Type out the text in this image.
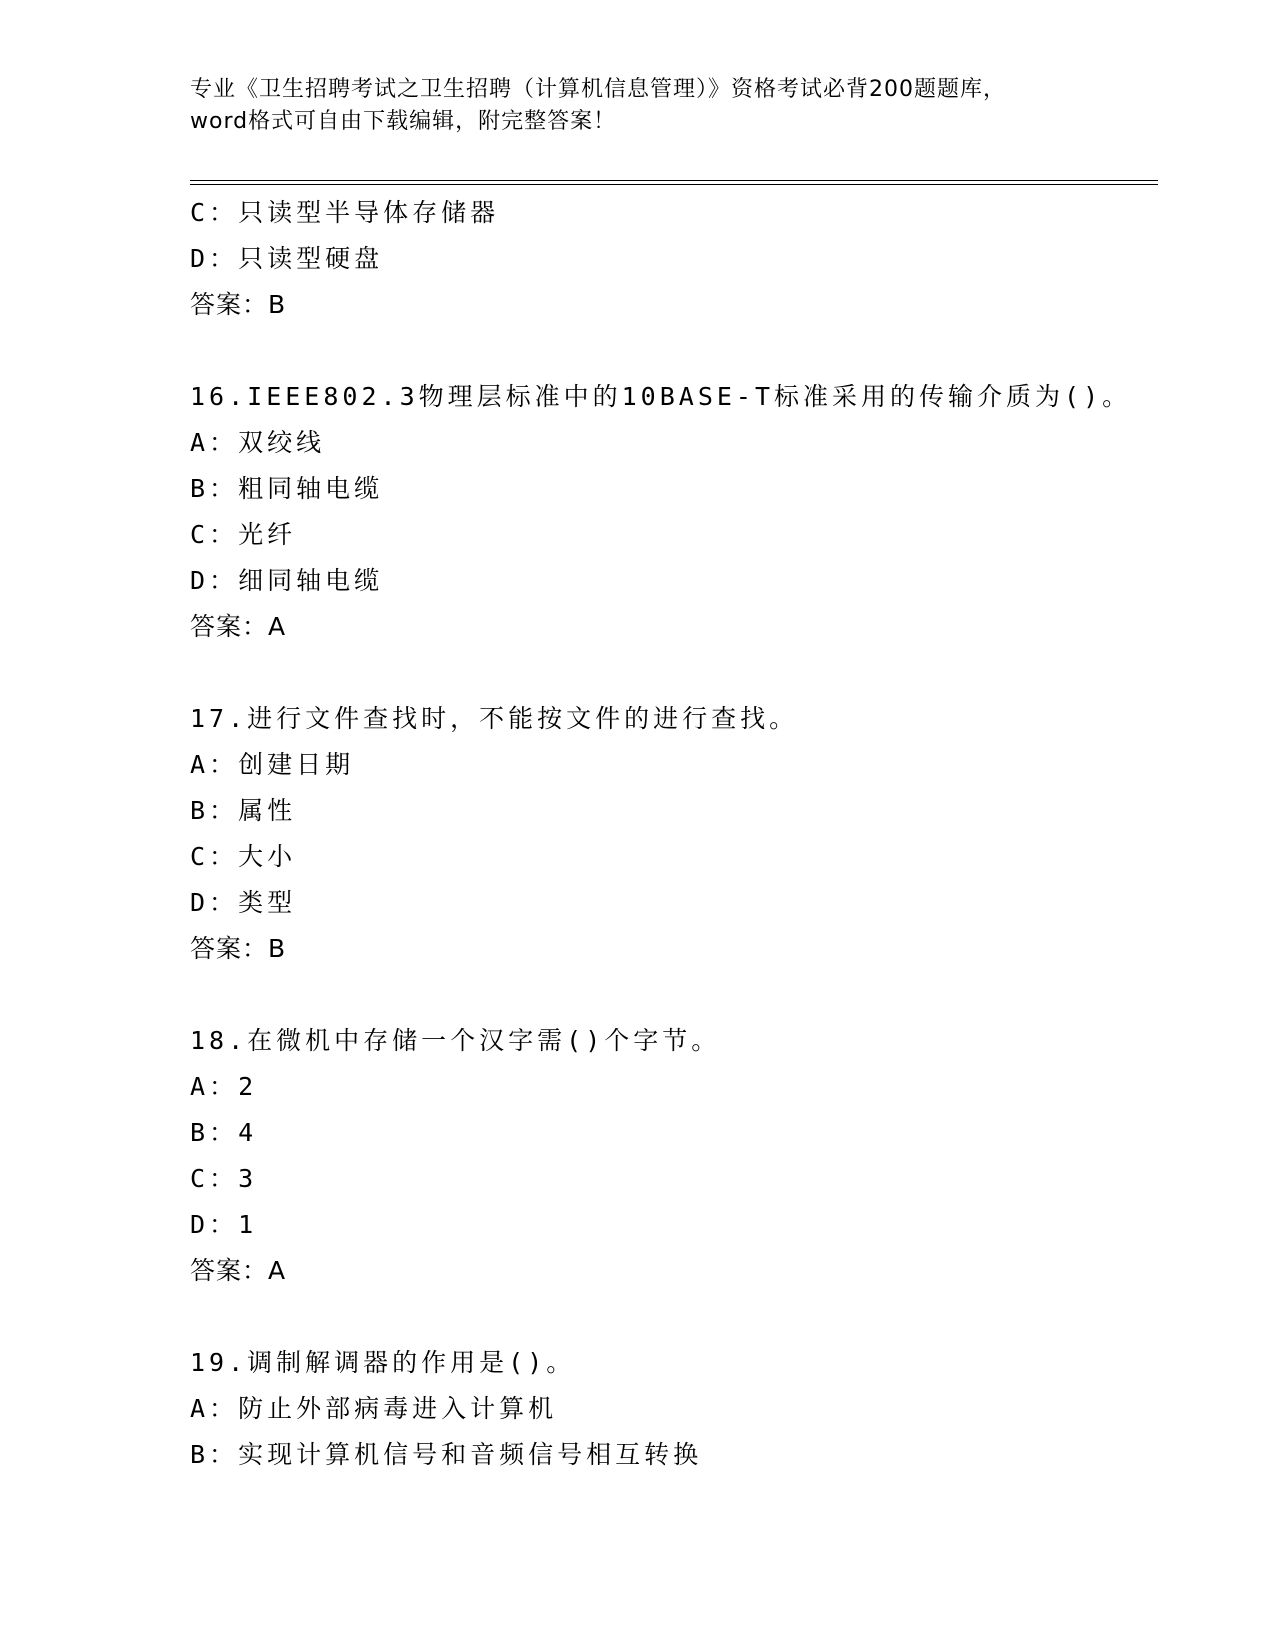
专业《卫生招聘考试之卫生招聘（计算机信息管理）》资格考试必背200题题库，
word格式可自由下载编辑，附完整答案！
C：只读型半导体存储器
D：只读型硬盘
答案：B
16.IEEE802.3物理层标准中的10BASE-T标准采用的传输介质为()。
A：双绞线
B：粗同轴电缆
C：光纤
D：细同轴电缆
答案：A
17.进行文件查找时，不能按文件的进行查找。
A：创建日期
B：属性
C：大小
D：类型
答案：B
18.在微机中存储一个汉字需()个字节。
A：2
B：4
C：3
D：1
答案：A
19.调制解调器的作用是()。
A：防止外部病毒进入计算机
B：实现计算机信号和音频信号相互转换
